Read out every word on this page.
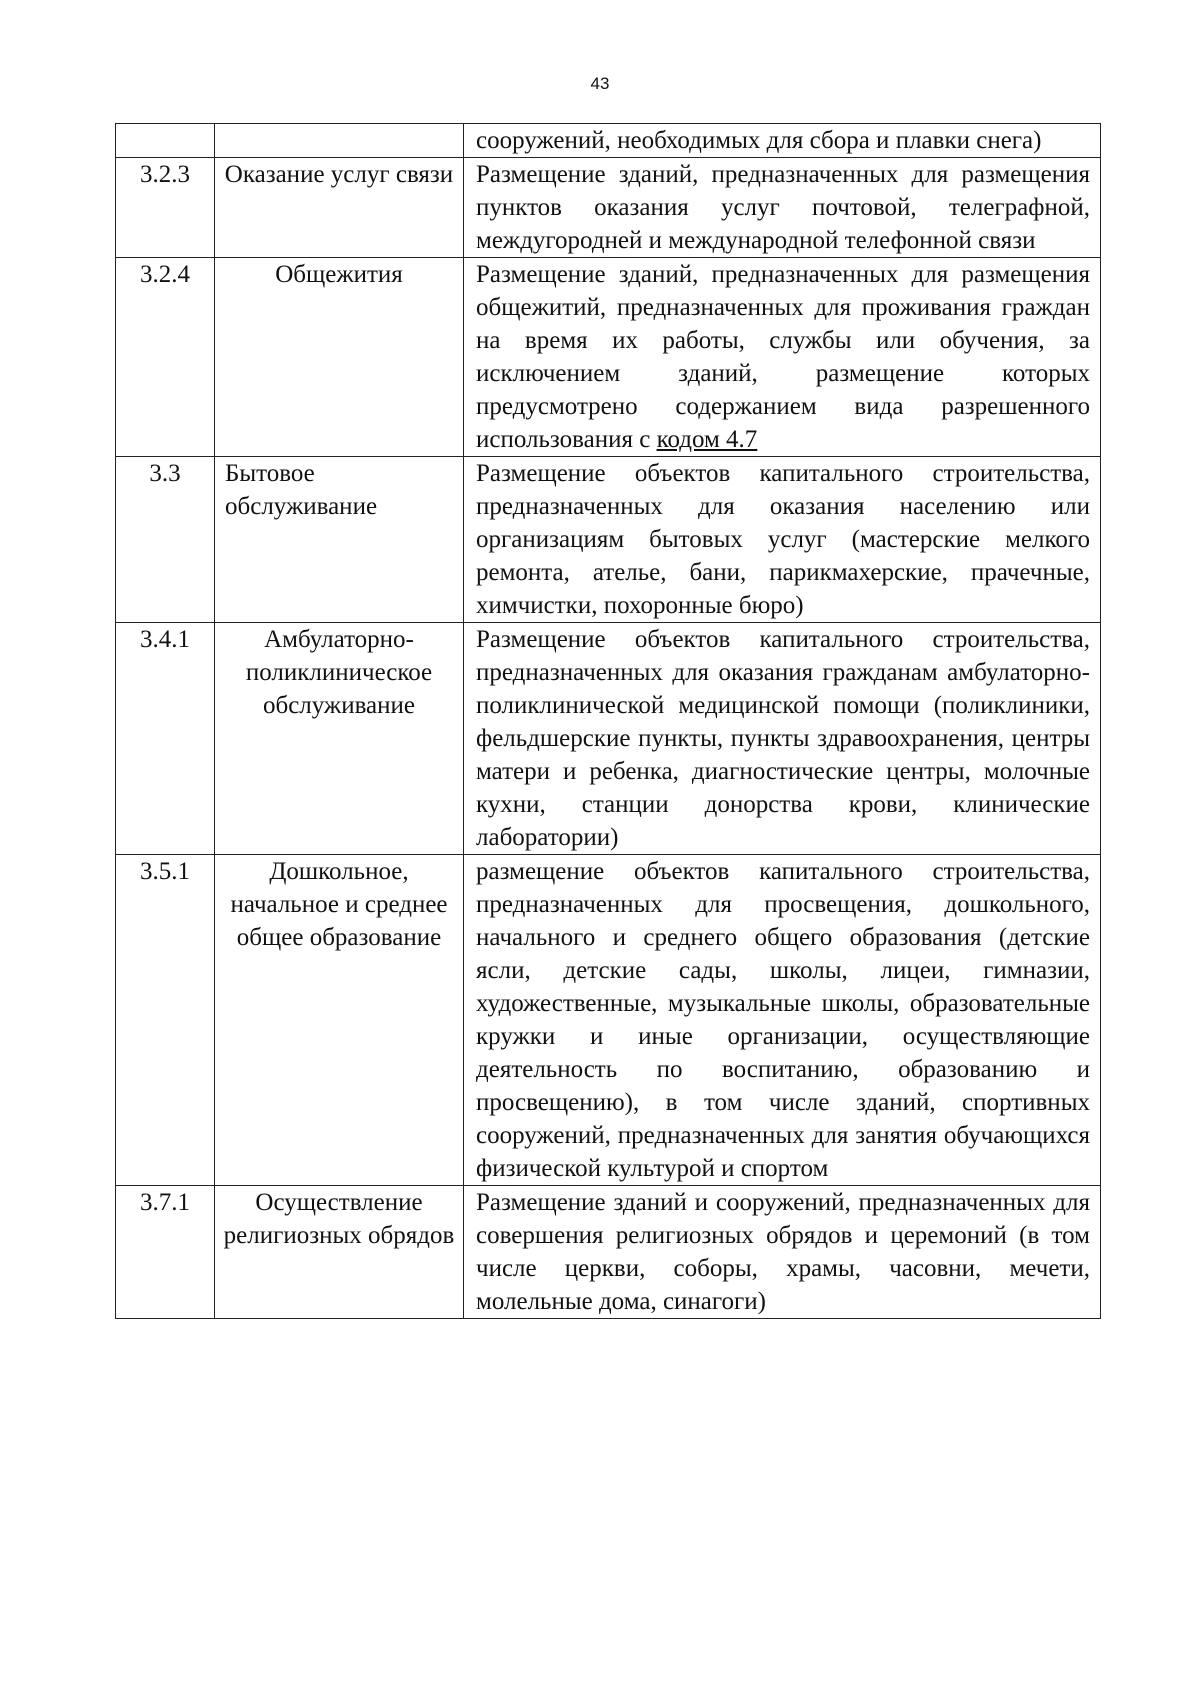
43

		сооружений, необходимых для сбора и плавки снега)

3.2.3	Оказание услуг связи	Размещение зданий, предназначенных для размещения пунктов оказания услуг почтовой, телеграфной, междугородней и международной телефонной связи

3.2.4	Общежития	Размещение зданий, предназначенных для размещения общежитий, предназначенных для проживания граждан на время их работы, службы или обучения, за исключением зданий, размещение которых предусмотрено содержанием вида разрешенного использования с кодом 4.7

3.3	Бытовое обслуживание	Размещение объектов капитального строительства, предназначенных для оказания населению или организациям бытовых услуг (мастерские мелкого ремонта, ателье, бани, парикмахерские, прачечные, химчистки, похоронные бюро)

3.4.1	Амбулаторно-поликлиническое обслуживание	Размещение объектов капитального строительства, предназначенных для оказания гражданам амбулаторно-поликлинической медицинской помощи (поликлиники, фельдшерские пункты, пункты здравоохранения, центры матери и ребенка, диагностические центры, молочные кухни, станции донорства крови, клинические лаборатории)

3.5.1	Дошкольное, начальное и среднее общее образование	размещение объектов капитального строительства, предназначенных для просвещения, дошкольного, начального и среднего общего образования (детские ясли, детские сады, школы, лицеи, гимназии, художественные, музыкальные школы, образовательные кружки и иные организации, осуществляющие деятельность по воспитанию, образованию и просвещению), в том числе зданий, спортивных сооружений, предназначенных для занятия обучающихся физической культурой и спортом

3.7.1	Осуществление религиозных обрядов	Размещение зданий и сооружений, предназначенных для совершения религиозных обрядов и церемоний (в том числе церкви, соборы, храмы, часовни, мечети, молельные дома, синагоги)
